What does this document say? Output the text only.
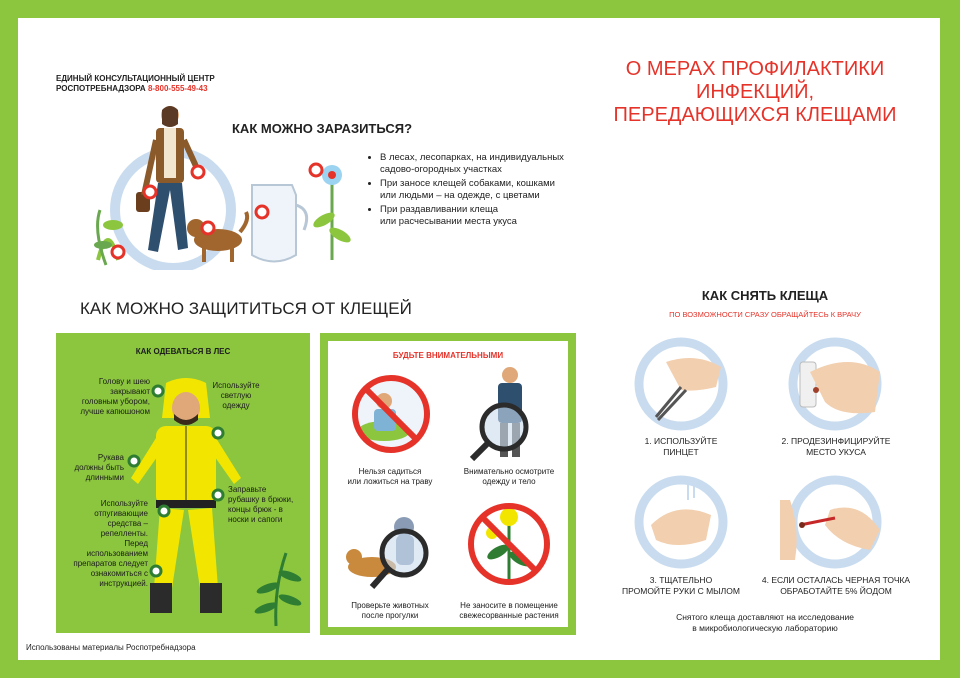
ЕДИНЫЙ КОНСУЛЬТАЦИОННЫЙ ЦЕНТР
РОСПОТРЕБНАДЗОРА 8-800-555-49-43
О МЕРАХ ПРОФИЛАКТИКИ
ИНФЕКЦИЙ,
ПЕРЕДАЮЩИХСЯ КЛЕЩАМИ
КАК МОЖНО ЗАРАЗИТЬСЯ?
• В лесах, лесопарках, на индивидуальных
садово-огородных участках
• При заносе клещей собаками, кошками
или людьми – на одежде, с цветами
• При раздавливании клеща
или расчесывании места укуса
КАК МОЖНО ЗАЩИТИТЬСЯ ОТ КЛЕЩЕЙ
КАК ОДЕВАТЬСЯ В ЛЕС
Голову и шею
закрывают
головным убором,
лучше капюшоном
Рукава
должны быть
длинными
Используйте
отпугивающие
средства –
репелленты.
Перед
использованием
препаратов следует
ознакомиться с
инструкцией.
Используйте
светлую
одежду
Заправьте
рубашку в брюки,
концы брюк - в
носки и сапоги
БУДЬТЕ ВНИМАТЕЛЬНЫМИ
Нельзя садиться
или ложиться на траву
Внимательно осмотрите
одежду и тело
Проверьте животных
после прогулки
Не заносите в помещение
свежесорванные растения
КАК СНЯТЬ КЛЕЩА
ПО ВОЗМОЖНОСТИ СРАЗУ ОБРАЩАЙТЕСЬ К ВРАЧУ
1. ИСПОЛЬЗУЙТЕ
ПИНЦЕТ
2. ПРОДЕЗИНФИЦИРУЙТЕ
МЕСТО УКУСА
3. ТЩАТЕЛЬНО
ПРОМОЙТЕ РУКИ С МЫЛОМ
4. ЕСЛИ ОСТАЛАСЬ ЧЕРНАЯ ТОЧКА
ОБРАБОТАЙТЕ 5% ЙОДОМ
Снятого клеща доставляют на исследование
в микробиологическую лабораторию
Использованы материалы Роспотребнадзора
